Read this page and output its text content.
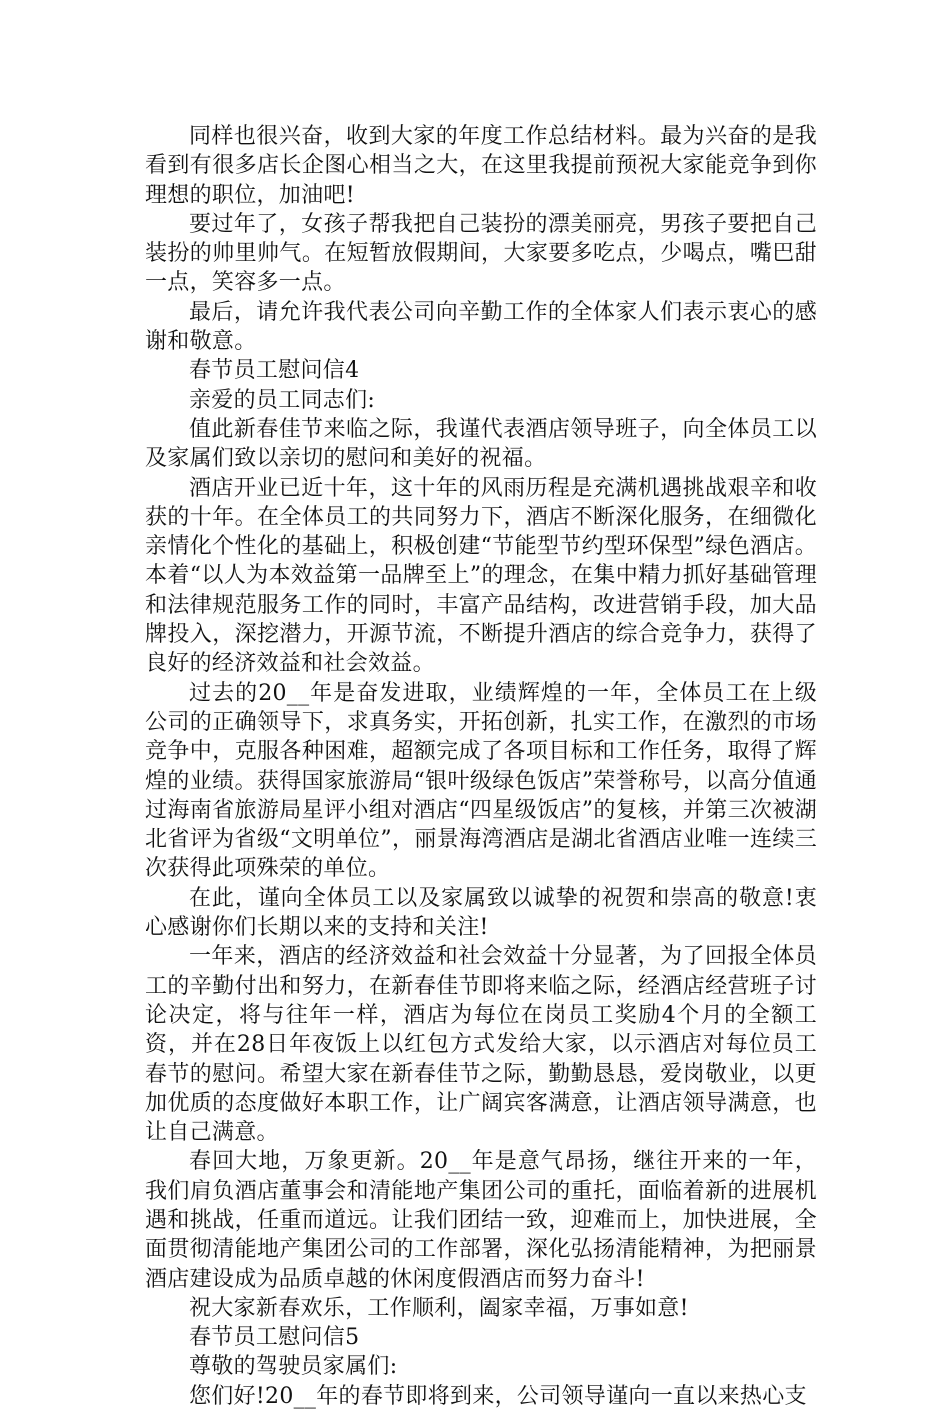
同样也很兴奋，收到大家的年度工作总结材料。最为兴奋的是我看到有很多店长企图心相当之大，在这里我提前预祝大家能竞争到你理想的职位，加油吧!

要过年了，女孩子帮我把自己装扮的漂美丽亮，男孩子要把自己装扮的帅里帅气。在短暂放假期间，大家要多吃点，少喝点，嘴巴甜一点，笑容多一点。

最后，请允许我代表公司向辛勤工作的全体家人们表示衷心的感谢和敬意。

春节员工慰问信4

亲爱的员工同志们:

值此新春佳节来临之际，我谨代表酒店领导班子，向全体员工以及家属们致以亲切的慰问和美好的祝福。

酒店开业已近十年，这十年的风雨历程是充满机遇挑战艰辛和收获的十年。在全体员工的共同努力下，酒店不断深化服务，在细微化亲情化个性化的基础上，积极创建“节能型节约型环保型”绿色酒店。本着“以人为本效益第一品牌至上”的理念，在集中精力抓好基础管理和法律规范服务工作的同时，丰富产品结构，改进营销手段，加大品牌投入，深挖潜力，开源节流，不断提升酒店的综合竞争力，获得了良好的经济效益和社会效益。

过去的20__年是奋发进取，业绩辉煌的一年，全体员工在上级公司的正确领导下，求真务实，开拓创新，扎实工作，在激烈的市场竞争中，克服各种困难，超额完成了各项目标和工作任务，取得了辉煌的业绩。获得国家旅游局“银叶级绿色饭店”荣誉称号，以高分值通过海南省旅游局星评小组对酒店“四星级饭店”的复核，并第三次被湖北省评为省级“文明单位”，丽景海湾酒店是湖北省酒店业唯一连续三次获得此项殊荣的单位。

在此，谨向全体员工以及家属致以诚挚的祝贺和崇高的敬意!衷心感谢你们长期以来的支持和关注!

一年来，酒店的经济效益和社会效益十分显著，为了回报全体员工的辛勤付出和努力，在新春佳节即将来临之际，经酒店经营班子讨论决定，将与往年一样，酒店为每位在岗员工奖励4个月的全额工资，并在28日年夜饭上以红包方式发给大家，以示酒店对每位员工春节的慰问。希望大家在新春佳节之际，勤勤恳恳，爱岗敬业，以更加优质的态度做好本职工作，让广阔宾客满意，让酒店领导满意，也让自己满意。

春回大地，万象更新。20__年是意气昂扬，继往开来的一年，我们肩负酒店董事会和清能地产集团公司的重托，面临着新的进展机遇和挑战，任重而道远。让我们团结一致，迎难而上，加快进展，全面贯彻清能地产集团公司的工作部署，深化弘扬清能精神，为把丽景酒店建设成为品质卓越的休闲度假酒店而努力奋斗!

祝大家新春欢乐，工作顺利，阖家幸福，万事如意!

春节员工慰问信5

尊敬的驾驶员家属们:

您们好!20__年的春节即将到来，公司领导谨向一直以来热心支
